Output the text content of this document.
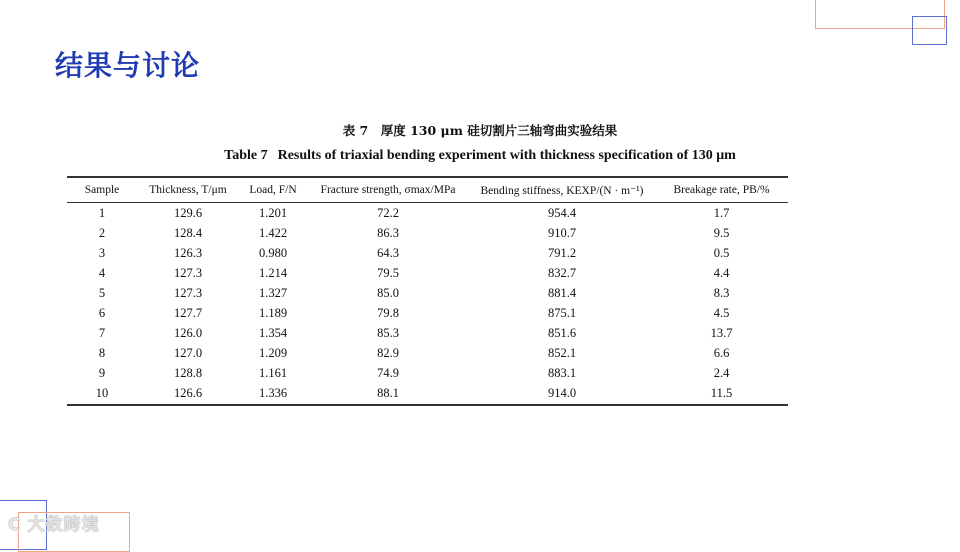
结果与讨论
表 7　厚度 130 μm 硅切割片三轴弯曲实验结果
Table 7 Results of triaxial bending experiment with thickness specification of 130 μm
Sample	Thickness, T/μm	Load, F/N	Fracture strength, σmax/MPa	Bending stiffness, KEXP/(N · m⁻¹)	Breakage rate, PB/%
1	129.6	1.201	72.2	954.4	1.7
2	128.4	1.422	86.3	910.7	9.5
3	126.3	0.980	64.3	791.2	0.5
4	127.3	1.214	79.5	832.7	4.4
5	127.3	1.327	85.0	881.4	8.3
6	127.7	1.189	79.8	875.1	4.5
7	126.0	1.354	85.3	851.6	13.7
8	127.0	1.209	82.9	852.1	6.6
9	128.8	1.161	74.9	883.1	2.4
10	126.6	1.336	88.1	914.0	11.5
C 大数跨境
